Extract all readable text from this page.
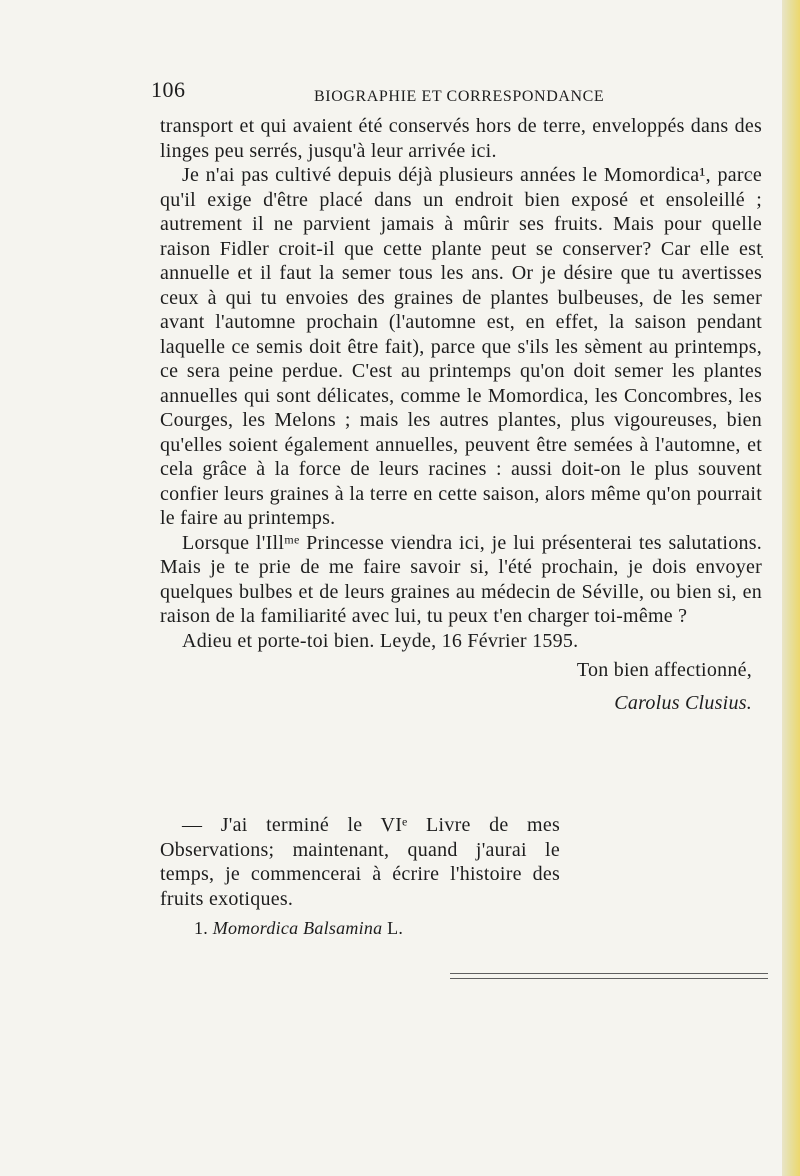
106	BIOGRAPHIE ET CORRESPONDANCE

transport et qui avaient été conservés hors de terre, enveloppés dans des linges peu serrés, jusqu'à leur arrivée ici.

Je n'ai pas cultivé depuis déjà plusieurs années le Momordica¹, parce qu'il exige d'être placé dans un endroit bien exposé et ensoleillé ; autrement il ne parvient jamais à mûrir ses fruits. Mais pour quelle raison Fidler croit-il que cette plante peut se conserver? Car elle est annuelle et il faut la semer tous les ans. Or je désire que tu avertisses ceux à qui tu envoies des graines de plantes bulbeuses, de les semer avant l'automne prochain (l'automne est, en effet, la saison pendant laquelle ce semis doit être fait), parce que s'ils les sèment au printemps, ce sera peine perdue. C'est au printemps qu'on doit semer les plantes annuelles qui sont délicates, comme le Momordica, les Concombres, les Courges, les Melons ; mais les autres plantes, plus vigoureuses, bien qu'elles soient également annuelles, peuvent être semées à l'automne, et cela grâce à la force de leurs racines : aussi doit-on le plus souvent confier leurs graines à la terre en cette saison, alors même qu'on pourrait le faire au printemps.

Lorsque l'Illᵐᵉ Princesse viendra ici, je lui présenterai tes salutations. Mais je te prie de me faire savoir si, l'été prochain, je dois envoyer quelques bulbes et de leurs graines au médecin de Séville, ou bien si, en raison de la familiarité avec lui, tu peux t'en charger toi-même ?

Adieu et porte-toi bien. Leyde, 16 Février 1595.

Ton bien affectionné,

Carolus Clusius.

— J'ai terminé le VIᵉ Livre de mes Observations; maintenant, quand j'aurai le temps, je commencerai à écrire l'histoire des fruits exotiques.

1. Momordica Balsamina L.
